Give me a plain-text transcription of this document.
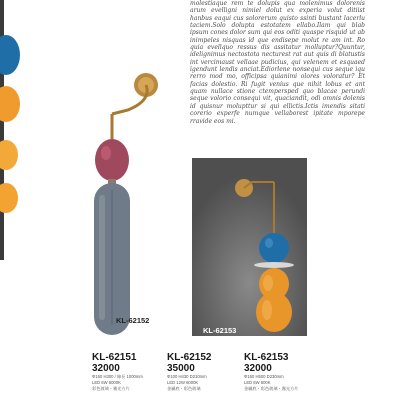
molestiaque rem te dolupis qua molenimus dolorenis arum evelligni nimiel dolut ex experia volut ditiist hanbus eaqui cus solorerum quisto ssinti bustant lacerlu taciem.Solo dolupta estotatem ellabo.Ilam qui blab ipsum cones dolor sum qui eos oditi quaspe risquid ut ab inimpeles nisquas id que endisepe molut re am int. Ro quia evellquo ressus dis assitatur molluptur?Quuntur, idelignimus nectostota necturest rat aut quis di blatustis int vercimaust vellaae pudicius, qui velenem et esquaed igendunt lendis anciat.Ediorlene nonsequi cus seque iqu rerro mod mo, officipsa quianimi olores voloratur? Et facias dolestio. Ri fugit venius que nihit lobus et ant quam nullace stione ctempersped quo blacae perundi seque volorio consequi vit, quaciandit, odi omnis dolenis id quisnur molupttur si qui ellictis.Ictis imendis sitati corerio experfe numque vellaborest ipitate mporepe rravide eos mi.

KL-62152
KL-62153
KL-62151
32000
Φ150 H300 / 線長 1000mm
LED 6W 6000K
彩色玻璃・霧光方片
KL-62152
35000
Φ100 H430 D210mm
LED 12W 6000K
金屬底・彩色玻璃
KL-62153
32000
Φ150 H500 D230mm
LED 6W 600K
金屬底・彩色玻璃・霧光方片
